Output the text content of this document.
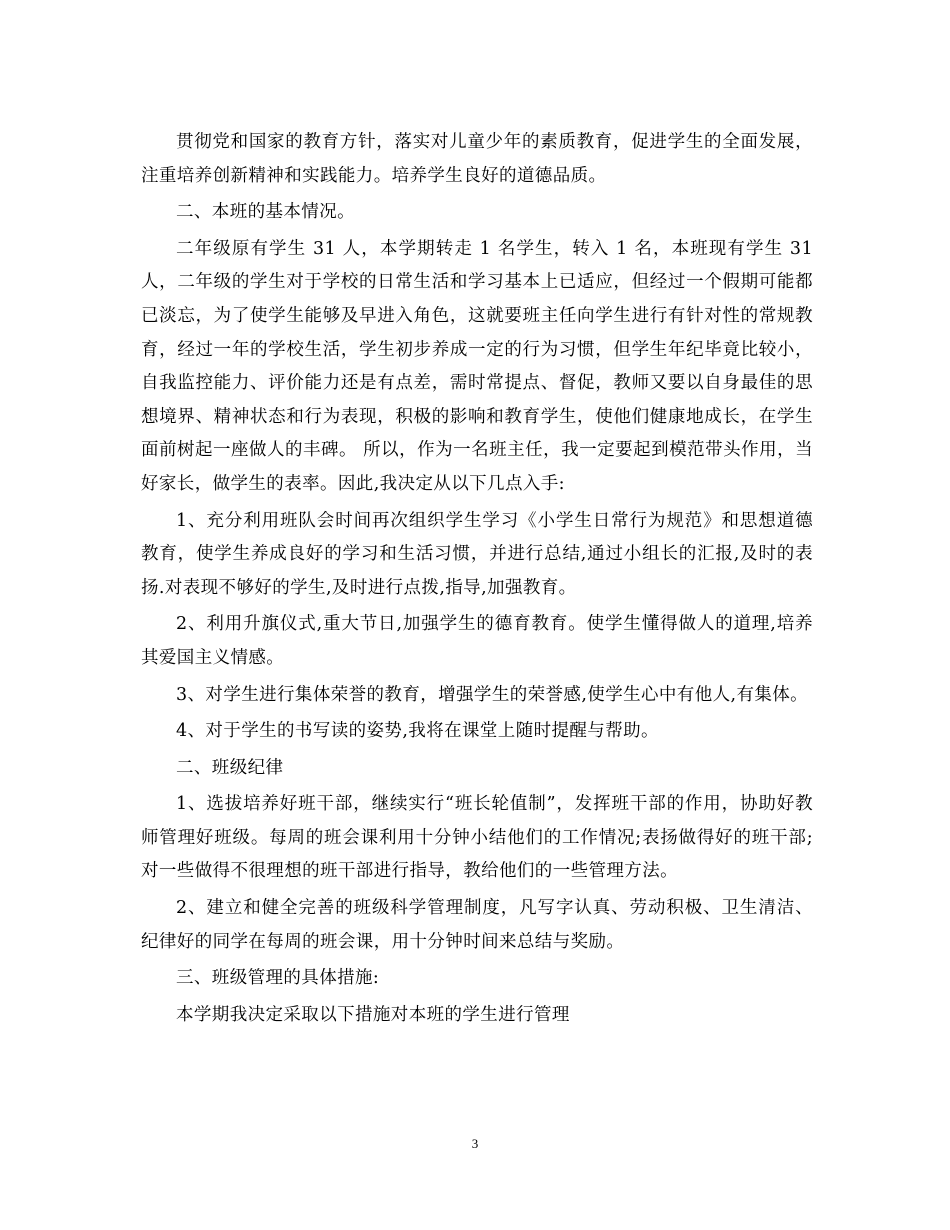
贯彻党和国家的教育方针，落实对儿童少年的素质教育，促进学生的全面发展，注重培养创新精神和实践能力。培养学生良好的道德品质。

二、本班的基本情况。

二年级原有学生 31 人，本学期转走 1 名学生，转入 1 名，本班现有学生 31 人，二年级的学生对于学校的日常生活和学习基本上已适应，但经过一个假期可能都已淡忘，为了使学生能够及早进入角色，这就要班主任向学生进行有针对性的常规教育，经过一年的学校生活，学生初步养成一定的行为习惯，但学生年纪毕竟比较小，自我监控能力、评价能力还是有点差，需时常提点、督促，教师又要以自身最佳的思想境界、精神状态和行为表现，积极的影响和教育学生，使他们健康地成长，在学生面前树起一座做人的丰碑。 所以，作为一名班主任，我一定要起到模范带头作用，当好家长，做学生的表率。因此,我决定从以下几点入手:

1、充分利用班队会时间再次组织学生学习《小学生日常行为规范》和思想道德教育，使学生养成良好的学习和生活习惯，并进行总结,通过小组长的汇报,及时的表扬.对表现不够好的学生,及时进行点拨,指导,加强教育。

2、利用升旗仪式,重大节日,加强学生的德育教育。使学生懂得做人的道理,培养其爱国主义情感。

3、对学生进行集体荣誉的教育，增强学生的荣誉感,使学生心中有他人,有集体。

4、对于学生的书写读的姿势,我将在课堂上随时提醒与帮助。

二、班级纪律

1、选拔培养好班干部，继续实行“班长轮值制”，发挥班干部的作用，协助好教师管理好班级。每周的班会课利用十分钟小结他们的工作情况;表扬做得好的班干部;对一些做得不很理想的班干部进行指导，教给他们的一些管理方法。

2、建立和健全完善的班级科学管理制度，凡写字认真、劳动积极、卫生清洁、纪律好的同学在每周的班会课，用十分钟时间来总结与奖励。

三、班级管理的具体措施:

本学期我决定采取以下措施对本班的学生进行管理

3
